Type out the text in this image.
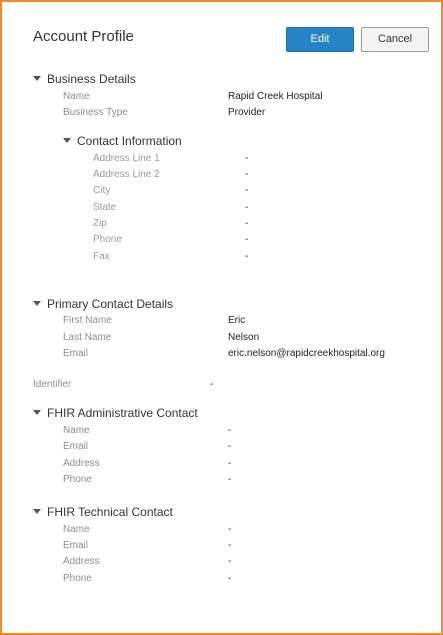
Account Profile	Edit	Cancel
Business Details
Name	Rapid Creek Hospital
Business Type	Provider
Contact Information
Address Line 1	-
Address Line 2	-
City	-
State	-
Zip	-
Phone	-
Fax	-
Primary Contact Details
First Name	Eric
Last Name	Nelson
Email	eric.nelson@rapidcreekhospital.org
Identifier	-
FHIR Administrative Contact
Name	-
Email	-
Address	-
Phone	-
FHIR Technical Contact
Name	-
Email	-
Address	-
Phone	-
